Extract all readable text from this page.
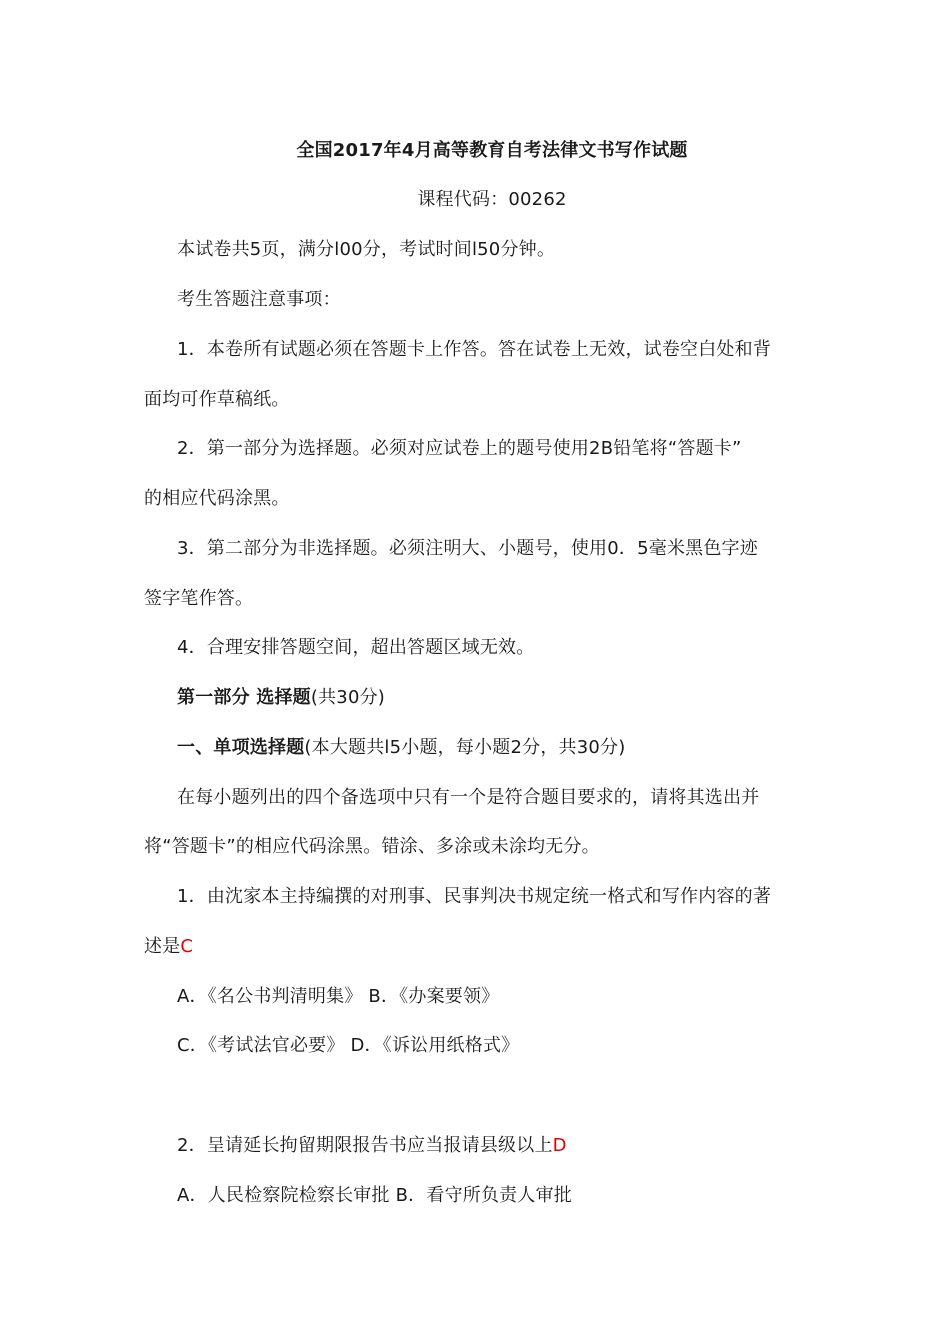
全国2017年4月高等教育自考法律文书写作试题
课程代码：00262
本试卷共5页，满分l00分，考试时间l50分钟。
考生答题注意事项：
1．本卷所有试题必须在答题卡上作答。答在试卷上无效，试卷空白处和背
面均可作草稿纸。
2．第一部分为选择题。必须对应试卷上的题号使用2B铅笔将“答题卡”
的相应代码涂黑。
3．第二部分为非选择题。必须注明大、小题号，使用0．5毫米黑色字迹
签字笔作答。
4．合理安排答题空间，超出答题区域无效。
第一部分 选择题(共30分)
一、单项选择题(本大题共l5小题，每小题2分，共30分)
在每小题列出的四个备选项中只有一个是符合题目要求的，请将其选出并
将“答题卡”的相应代码涂黑。错涂、多涂或未涂均无分。
1．由沈家本主持编撰的对刑事、民事判决书规定统一格式和写作内容的著
述是C
A．《名公书判清明集》 B．《办案要领》
C．《考试法官必要》 D．《诉讼用纸格式》
2．呈请延长拘留期限报告书应当报请县级以上D
A．人民检察院检察长审批 B．看守所负责人审批
